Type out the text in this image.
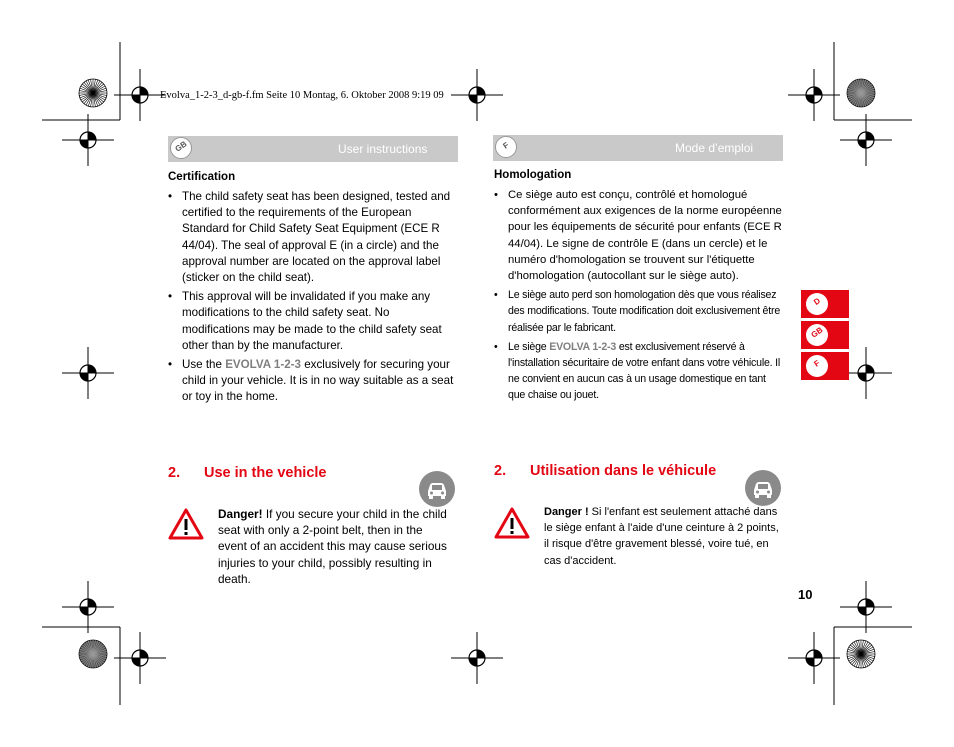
Evolva_1-2-3_d-gb-f.fm Seite 10 Montag, 6. Oktober 2008 9:19 09
GB	User instructions
Certification
• The child safety seat has been designed, tested and certified to the requirements of the European Standard for Child Safety Seat Equipment (ECE R 44/04). The seal of approval E (in a circle) and the approval number are located on the approval label (sticker on the child seat).
• This approval will be invalidated if you make any modifications to the child safety seat. No modifications may be made to the child safety seat other than by the manufacturer.
• Use the EVOLVA 1-2-3 exclusively for securing your child in your vehicle. It is in no way suitable as a seat or toy in the home.
2. Use in the vehicle
Danger! If you secure your child in the child seat with only a 2-point belt, then in the event of an accident this may cause serious injuries to your child, possibly resulting in death.
F	Mode d’emploi
Homologation
• Ce siège auto est conçu, contrôlé et homologué conformément aux exigences de la norme européenne pour les équipements de sécurité pour enfants (ECE R 44/04). Le signe de contrôle E (dans un cercle) et le numéro d'homologation se trouvent sur l'étiquette d'homologation (autocollant sur le siège auto).
• Le siège auto perd son homologation dès que vous réalisez des modifications. Toute modification doit exclusivement être réalisée par le fabricant.
• Le siège EVOLVA 1-2-3 est exclusivement réservé à l'installation sécuritaire de votre enfant dans votre véhicule. Il ne convient en aucun cas à un usage domestique en tant que chaise ou jouet.
2. Utilisation dans le véhicule
Danger ! Si l'enfant est seulement attaché dans le siège enfant à l'aide d'une ceinture à 2 points, il risque d'être gravement blessé, voire tué, en cas d'accident.
D
GB
F
10
